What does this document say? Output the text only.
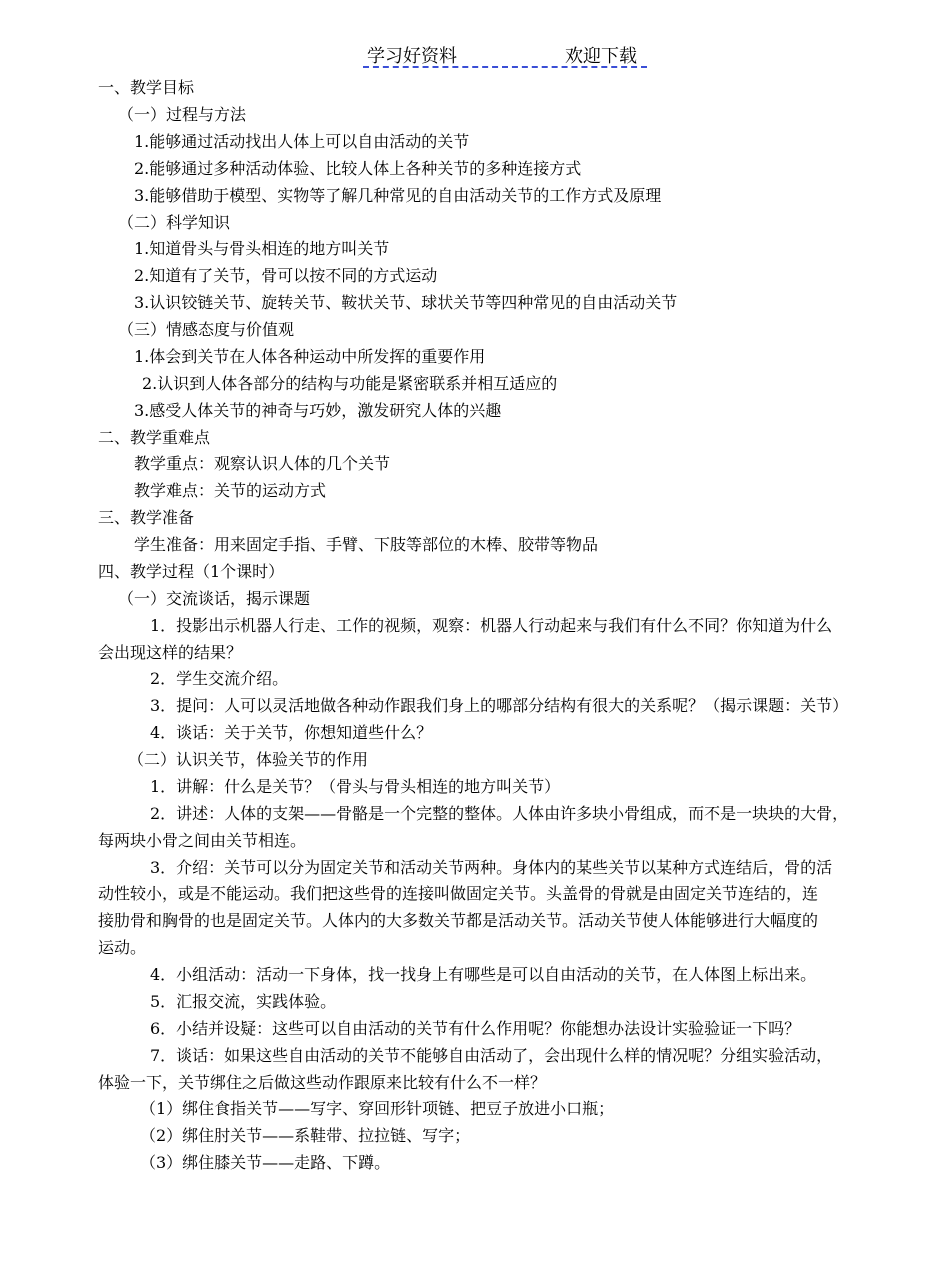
学习好资料	欢迎下载
一、教学目标
（一）过程与方法
1.能够通过活动找出人体上可以自由活动的关节
2.能够通过多种活动体验、比较人体上各种关节的多种连接方式
3.能够借助于模型、实物等了解几种常见的自由活动关节的工作方式及原理
（二）科学知识
1.知道骨头与骨头相连的地方叫关节
2.知道有了关节，骨可以按不同的方式运动
3.认识铰链关节、旋转关节、鞍状关节、球状关节等四种常见的自由活动关节
（三）情感态度与价值观
1.体会到关节在人体各种运动中所发挥的重要作用
2.认识到人体各部分的结构与功能是紧密联系并相互适应的
3.感受人体关节的神奇与巧妙，激发研究人体的兴趣
二、教学重难点
教学重点：观察认识人体的几个关节
教学难点：关节的运动方式
三、教学准备
学生准备：用来固定手指、手臂、下肢等部位的木棒、胶带等物品
四、教学过程（1个课时）
（一）交流谈话，揭示课题
1．投影出示机器人行走、工作的视频，观察：机器人行动起来与我们有什么不同？你知道为什么
会出现这样的结果？
2．学生交流介绍。
3．提问：人可以灵活地做各种动作跟我们身上的哪部分结构有很大的关系呢？（揭示课题：关节）
4．谈话：关于关节，你想知道些什么？
（二）认识关节，体验关节的作用
1．讲解：什么是关节？（骨头与骨头相连的地方叫关节）
2．讲述：人体的支架——骨骼是一个完整的整体。人体由许多块小骨组成，而不是一块块的大骨，
每两块小骨之间由关节相连。
3．介绍：关节可以分为固定关节和活动关节两种。身体内的某些关节以某种方式连结后，骨的活
动性较小，或是不能运动。我们把这些骨的连接叫做固定关节。头盖骨的骨就是由固定关节连结的，连
接肋骨和胸骨的也是固定关节。人体内的大多数关节都是活动关节。活动关节使人体能够进行大幅度的
运动。
4．小组活动：活动一下身体，找一找身上有哪些是可以自由活动的关节，在人体图上标出来。
5．汇报交流，实践体验。
6．小结并设疑：这些可以自由活动的关节有什么作用呢？你能想办法设计实验验证一下吗？
7．谈话：如果这些自由活动的关节不能够自由活动了，会出现什么样的情况呢？分组实验活动，
体验一下，关节绑住之后做这些动作跟原来比较有什么不一样？
（1）绑住食指关节——写字、穿回形针项链、把豆子放进小口瓶；
（2）绑住肘关节——系鞋带、拉拉链、写字；
（3）绑住膝关节——走路、下蹲。
